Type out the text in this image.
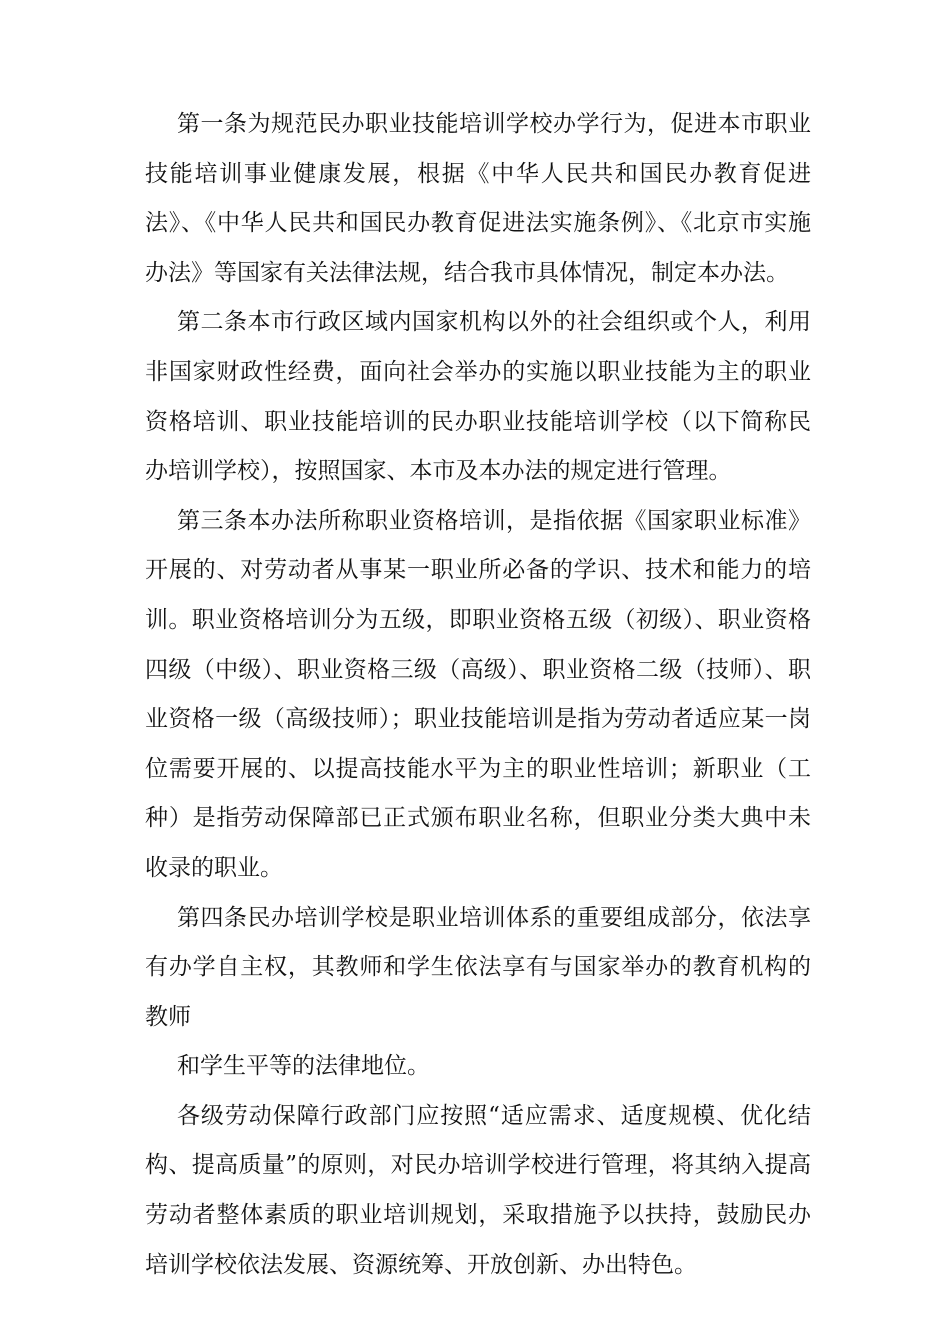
第一条为规范民办职业技能培训学校办学行为，促进本市职业技能培训事业健康发展，根据《中华人民共和国民办教育促进法》、《中华人民共和国民办教育促进法实施条例》、《北京市实施办法》等国家有关法律法规，结合我市具体情况，制定本办法。

第二条本市行政区域内国家机构以外的社会组织或个人，利用非国家财政性经费，面向社会举办的实施以职业技能为主的职业资格培训、职业技能培训的民办职业技能培训学校（以下简称民办培训学校），按照国家、本市及本办法的规定进行管理。

第三条本办法所称职业资格培训，是指依据《国家职业标准》开展的、对劳动者从事某一职业所必备的学识、技术和能力的培训。职业资格培训分为五级，即职业资格五级（初级）、职业资格四级（中级）、职业资格三级（高级）、职业资格二级（技师）、职业资格一级（高级技师）；职业技能培训是指为劳动者适应某一岗位需要开展的、以提高技能水平为主的职业性培训；新职业（工种）是指劳动保障部已正式颁布职业名称，但职业分类大典中未收录的职业。

第四条民办培训学校是职业培训体系的重要组成部分，依法享有办学自主权，其教师和学生依法享有与国家举办的教育机构的教师

和学生平等的法律地位。

各级劳动保障行政部门应按照“适应需求、适度规模、优化结构、提高质量”的原则，对民办培训学校进行管理，将其纳入提高劳动者整体素质的职业培训规划，采取措施予以扶持，鼓励民办培训学校依法发展、资源统筹、开放创新、办出特色。
